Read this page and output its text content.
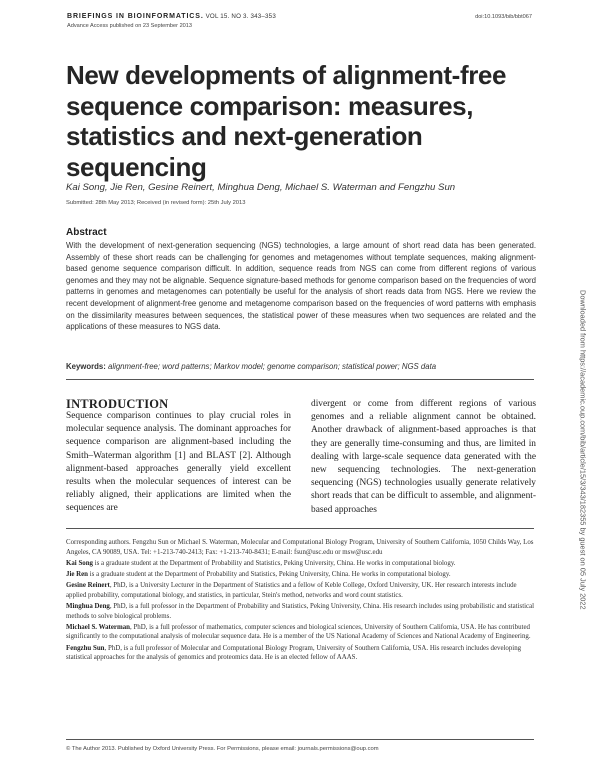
BRIEFINGS IN BIOINFORMATICS. VOL 15. NO 3. 343–353
Advance Access published on 23 September 2013
doi:10.1093/bib/bbt067
New developments of alignment-free sequence comparison: measures, statistics and next-generation sequencing
Kai Song, Jie Ren, Gesine Reinert, Minghua Deng, Michael S. Waterman and Fengzhu Sun
Submitted: 28th May 2013; Received (in revised form): 25th July 2013
Abstract

With the development of next-generation sequencing (NGS) technologies, a large amount of short read data has been generated. Assembly of these short reads can be challenging for genomes and metagenomes without template sequences, making alignment-based genome sequence comparison difficult. In addition, sequence reads from NGS can come from different regions of various genomes and they may not be alignable. Sequence signature-based methods for genome comparison based on the frequencies of word patterns in genomes and metagenomes can potentially be useful for the analysis of short reads data from NGS. Here we review the recent development of alignment-free genome and metagenome comparison based on the frequencies of word patterns with emphasis on the dissimilarity measures between sequences, the statistical power of these measures when two sequences are related and the applications of these measures to NGS data.

Keywords: alignment-free; word patterns; Markov model; genome comparison; statistical power; NGS data
INTRODUCTION

Sequence comparison continues to play crucial roles in molecular sequence analysis. The dominant approaches for sequence comparison are alignment-based including the Smith–Waterman algorithm [1] and BLAST [2]. Although alignment-based approaches generally yield excellent results when the molecular sequences of interest can be reliably aligned, their applications are limited when the sequences are

divergent or come from different regions of various genomes and a reliable alignment cannot be obtained. Another drawback of alignment-based approaches is that they are generally time-consuming and thus, are limited in dealing with large-scale sequence data generated with the new sequencing technologies. The next-generation sequencing (NGS) technologies usually generate relatively short reads that can be difficult to assemble, and alignment-based approaches

Corresponding authors. Fengzhu Sun or Michael S. Waterman, Molecular and Computational Biology Program, University of Southern California, 1050 Childs Way, Los Angeles, CA 90089, USA. Tel: +1-213-740-2413; Fax: +1-213-740-8431; E-mail: fsun@usc.edu or msw@usc.edu

Kai Song is a graduate student at the Department of Probability and Statistics, Peking University, China. He works in computational biology.

Jie Ren is a graduate student at the Department of Probability and Statistics, Peking University, China. He works in computational biology.

Gesine Reinert, PhD, is a University Lecturer in the Department of Statistics and a fellow of Keble College, Oxford University, UK. Her research interests include applied probability, computational biology, and statistics, in particular, Stein's method, networks and word count statistics.

Minghua Deng, PhD, is a full professor in the Department of Probability and Statistics, Peking University, China. His research includes using probabilistic and statistical methods to solve biological problems.

Michael S. Waterman, PhD, is a full professor of mathematics, computer sciences and biological sciences, University of Southern California, USA. He has contributed significantly to the computational analysis of molecular sequence data. He is a member of the US National Academy of Sciences and National Academy of Engineering.

Fengzhu Sun, PhD, is a full professor of Molecular and Computational Biology Program, University of Southern California, USA. His research includes developing statistical approaches for the analysis of genomics and proteomics data. He is an elected fellow of AAAS.

© The Author 2013. Published by Oxford University Press. For Permissions, please email: journals.permissions@oup.com
Downloaded from https://academic.oup.com/bib/article/15/3/343/182355 by guest on 05 July 2022
